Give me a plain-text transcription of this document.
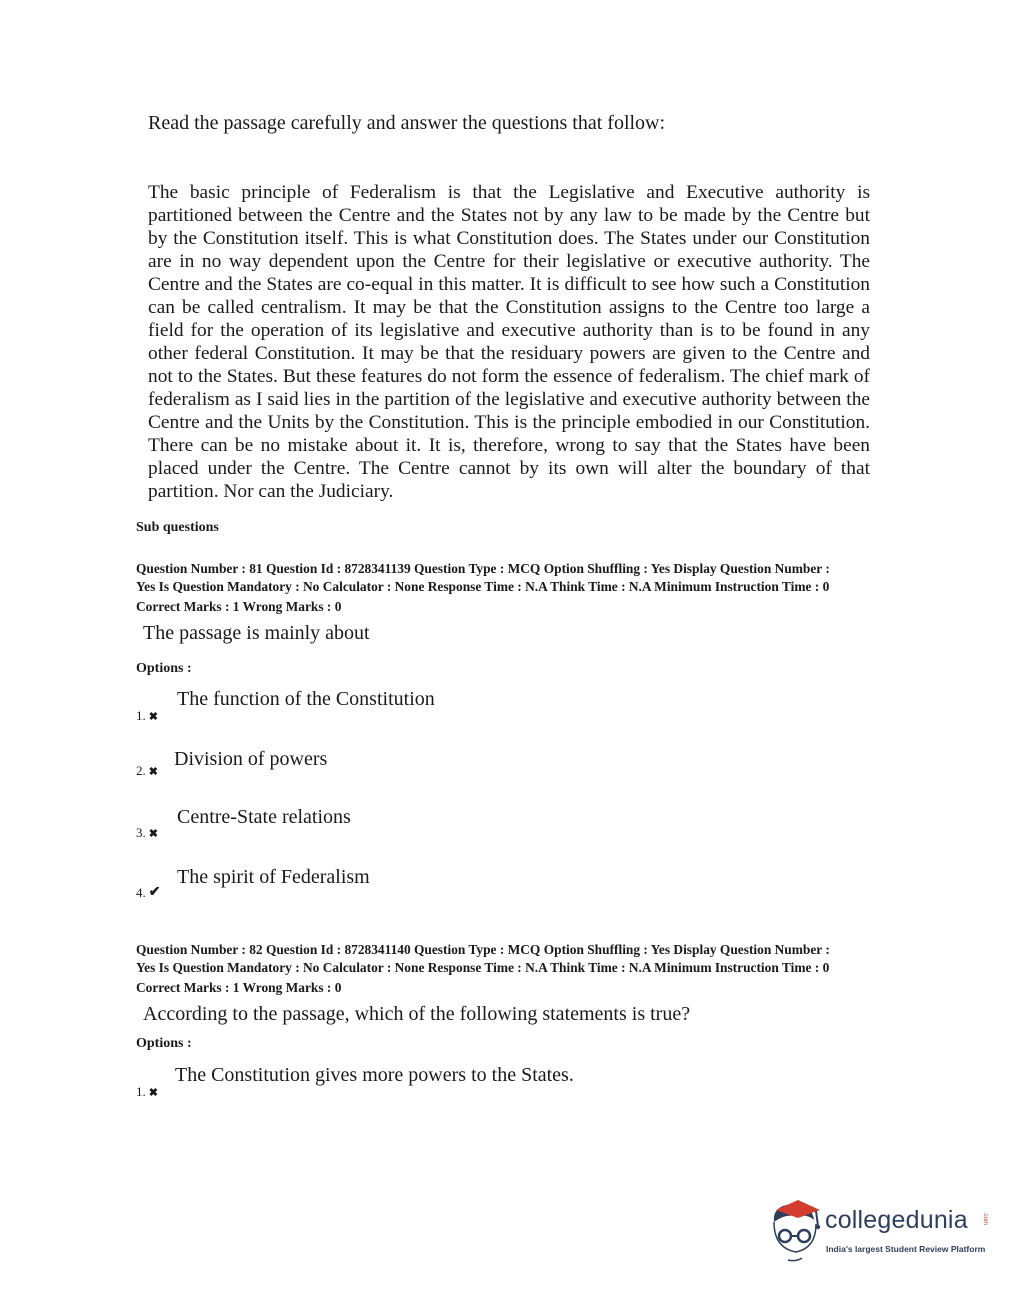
Read the passage carefully and answer the questions that follow:
The basic principle of Federalism is that the Legislative and Executive authority is partitioned between the Centre and the States not by any law to be made by the Centre but by the Constitution itself. This is what Constitution does. The States under our Constitution are in no way dependent upon the Centre for their legislative or executive authority. The Centre and the States are co-equal in this matter. It is difficult to see how such a Constitution can be called centralism. It may be that the Constitution assigns to the Centre too large a field for the operation of its legislative and executive authority than is to be found in any other federal Constitution. It may be that the residuary powers are given to the Centre and not to the States. But these features do not form the essence of federalism. The chief mark of federalism as I said lies in the partition of the legislative and executive authority between the Centre and the Units by the Constitution. This is the principle embodied in our Constitution. There can be no mistake about it. It is, therefore, wrong to say that the States have been placed under the Centre. The Centre cannot by its own will alter the boundary of that partition. Nor can the Judiciary.
Sub questions
Question Number : 81 Question Id : 8728341139 Question Type : MCQ Option Shuffling : Yes Display Question Number :
Yes Is Question Mandatory : No Calculator : None Response Time : N.A Think Time : N.A Minimum Instruction Time : 0
Correct Marks : 1 Wrong Marks : 0
The passage is mainly about
Options :
1. ✖
The function of the Constitution
2. ✖
Division of powers
3. ✖
Centre-State relations
4. ✔
The spirit of Federalism
Question Number : 82 Question Id : 8728341140 Question Type : MCQ Option Shuffling : Yes Display Question Number :
Yes Is Question Mandatory : No Calculator : None Response Time : N.A Think Time : N.A Minimum Instruction Time : 0
Correct Marks : 1 Wrong Marks : 0
According to the passage, which of the following statements is true?
Options :
1. ✖
The Constitution gives more powers to the States.
collegedunia .com
India's largest Student Review Platform
